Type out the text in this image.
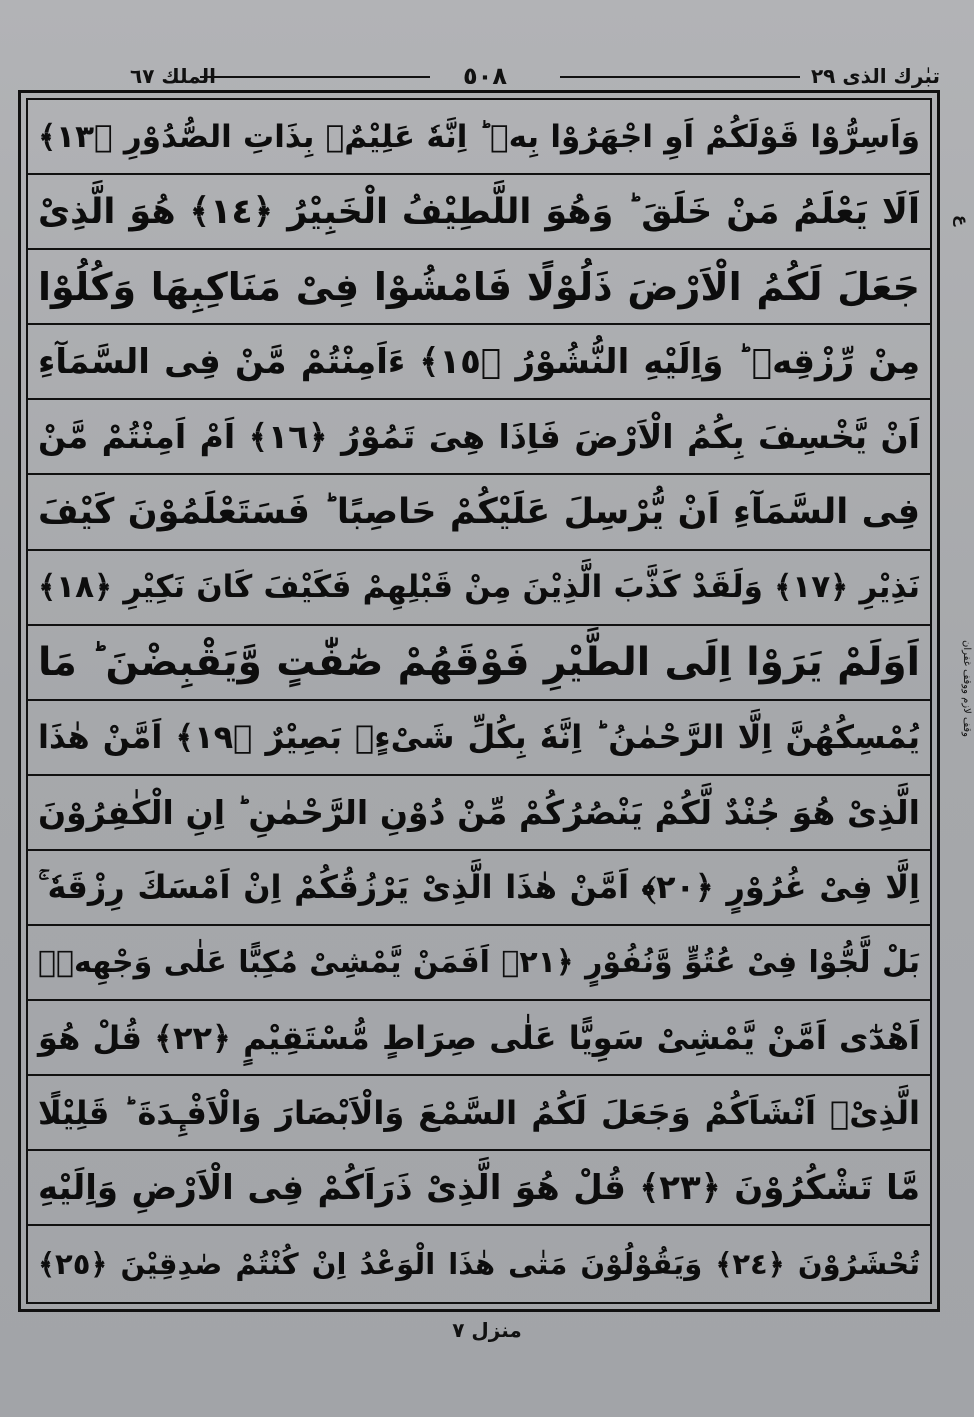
تبٰرك الذى ٢٩
٥٠٨
الملك ٦٧
وَاَسِرُّوْا قَوْلَكُمْ اَوِ اجْهَرُوْا بِهٖ ؕ اِنَّهٗ عَلِيْمٌۢ بِذَاتِ الصُّدُوْرِ ﴿١٣﴾
اَلَا يَعْلَمُ مَنْ خَلَقَ ؕ وَهُوَ اللَّطِيْفُ الْخَبِيْرُ ﴿١٤﴾ هُوَ الَّذِىْ
جَعَلَ لَكُمُ الْاَرْضَ ذَلُوْلًا فَامْشُوْا فِىْ مَنَاكِبِهَا وَكُلُوْا
مِنْ رِّزْقِهٖ ؕ وَاِلَيْهِ النُّشُوْرُ ﴿١٥﴾ ءَاَمِنْتُمْ مَّنْ فِى السَّمَآءِ
اَنْ يَّخْسِفَ بِكُمُ الْاَرْضَ فَاِذَا هِىَ تَمُوْرُ ﴿١٦﴾ اَمْ اَمِنْتُمْ مَّنْ
فِى السَّمَآءِ اَنْ يُّرْسِلَ عَلَيْكُمْ حَاصِبًا ؕ فَسَتَعْلَمُوْنَ كَيْفَ
نَذِيْرِ ﴿١٧﴾ وَلَقَدْ كَذَّبَ الَّذِيْنَ مِنْ قَبْلِهِمْ فَكَيْفَ كَانَ نَكِيْرِ ﴿١٨﴾
اَوَلَمْ يَرَوْا اِلَى الطَّيْرِ فَوْقَهُمْ صٰٓفّٰتٍ وَّيَقْبِضْنَ ؕ مَا
يُمْسِكُهُنَّ اِلَّا الرَّحْمٰنُ ؕ اِنَّهٗ بِكُلِّ شَىْءٍۢ بَصِيْرٌ ﴿١٩﴾ اَمَّنْ هٰذَا
الَّذِىْ هُوَ جُنْدٌ لَّكُمْ يَنْصُرُكُمْ مِّنْ دُوْنِ الرَّحْمٰنِ ؕ اِنِ الْكٰفِرُوْنَ
اِلَّا فِىْ غُرُوْرٍ ﴿٢٠﴾ اَمَّنْ هٰذَا الَّذِىْ يَرْزُقُكُمْ اِنْ اَمْسَكَ رِزْقَهٗ ۚ
بَلْ لَّجُّوْا فِىْ عُتُوٍّ وَّنُفُوْرٍ ﴿٢١﴾ اَفَمَنْ يَّمْشِىْ مُكِبًّا عَلٰى وَجْهِهٖۤ
اَهْدٰٓى اَمَّنْ يَّمْشِىْ سَوِيًّا عَلٰى صِرَاطٍ مُّسْتَقِيْمٍ ﴿٢٢﴾ قُلْ هُوَ
الَّذِىْۤ اَنْشَاَكُمْ وَجَعَلَ لَكُمُ السَّمْعَ وَالْاَبْصَارَ وَالْاَفْـِٕدَةَ ؕ قَلِيْلًا
مَّا تَشْكُرُوْنَ ﴿٢٣﴾ قُلْ هُوَ الَّذِىْ ذَرَاَكُمْ فِى الْاَرْضِ وَاِلَيْهِ
تُحْشَرُوْنَ ﴿٢٤﴾ وَيَقُوْلُوْنَ مَتٰى هٰذَا الْوَعْدُ اِنْ كُنْتُمْ صٰدِقِيْنَ ﴿٢٥﴾
ع
وقف لازم ووقف غفران
منزل ٧
